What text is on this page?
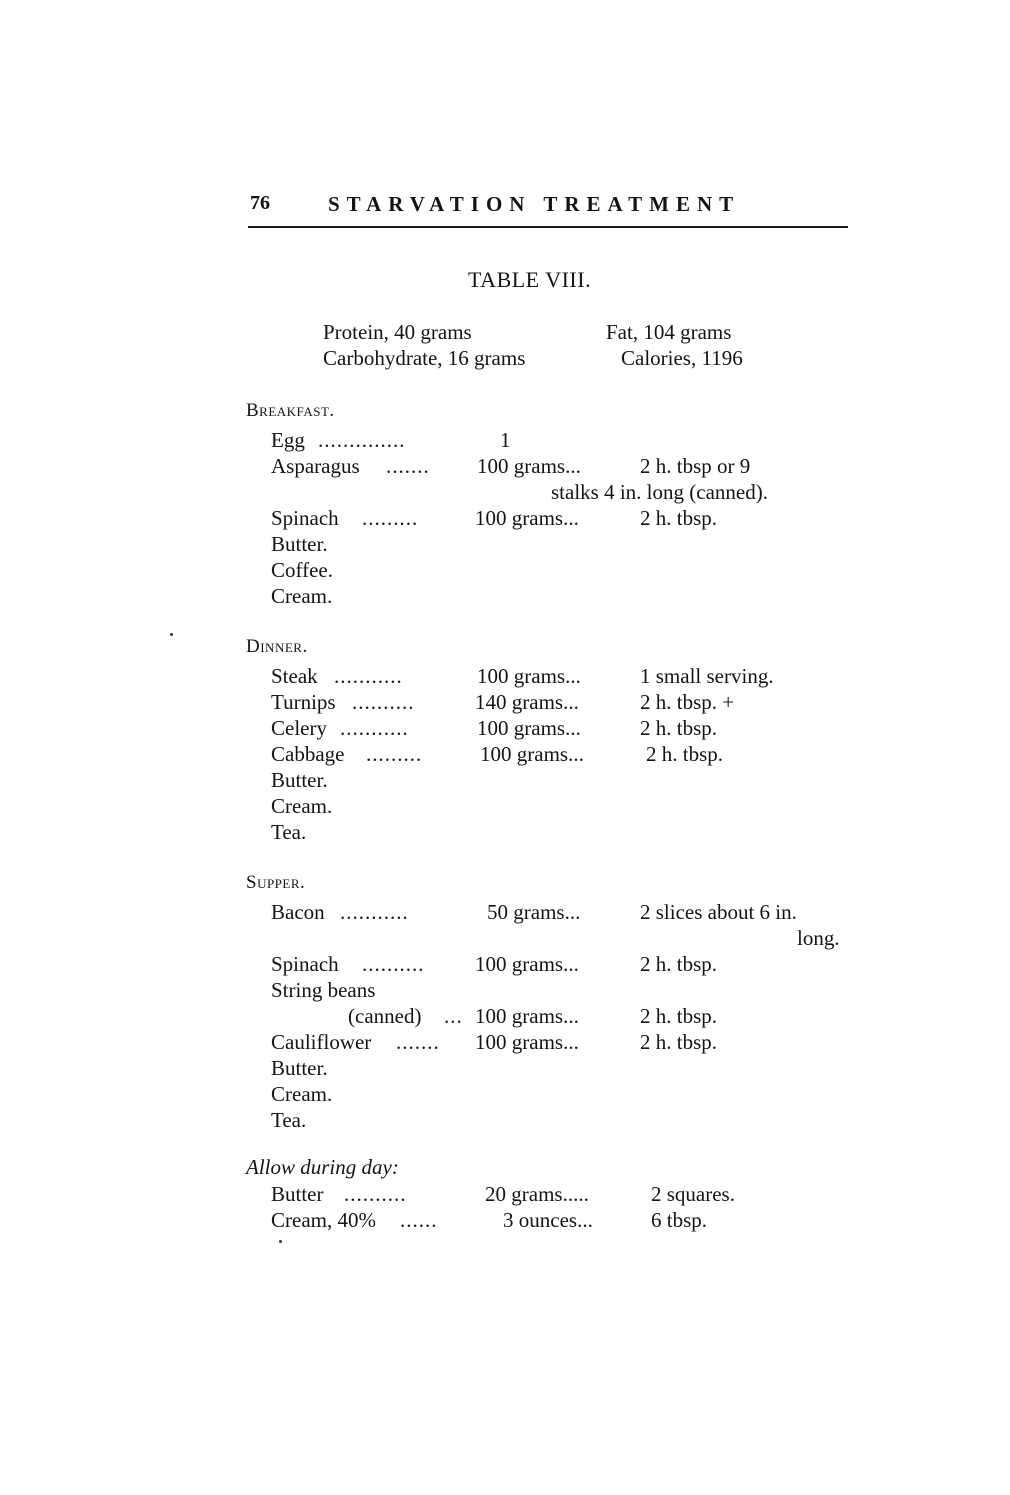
76	STARVATION TREATMENT
TABLE VIII.
Protein, 40 grams	Fat, 104 grams
Carbohydrate, 16 grams	Calories, 1196
Breakfast.
Egg ..............	1
Asparagus ....... 100 grams...	2 h. tbsp or 9
stalks 4 in. long (canned).
Spinach .........	100 grams...	2 h. tbsp.
Butter.
Coffee.
Cream.
Dinner.
Steak ...........	100 grams...	1 small serving.
Turnips ..........	140 grams...	2 h. tbsp. +
Celery ...........	100 grams...	2 h. tbsp.
Cabbage .........	100 grams...	2 h. tbsp.
Butter.
Cream.
Tea.
Supper.
Bacon ...........	50 grams...	2 slices about 6 in.
long.
Spinach .......... 100 grams...	2 h. tbsp.
String beans
(canned) ... 100 grams...	2 h. tbsp.
Cauliflower ....... 100 grams...	2 h. tbsp.
Butter.
Cream.
Tea.
Allow during day:
Butter ..........	20 grams.....	2 squares.
Cream, 40% ......	3 ounces...	6 tbsp.
